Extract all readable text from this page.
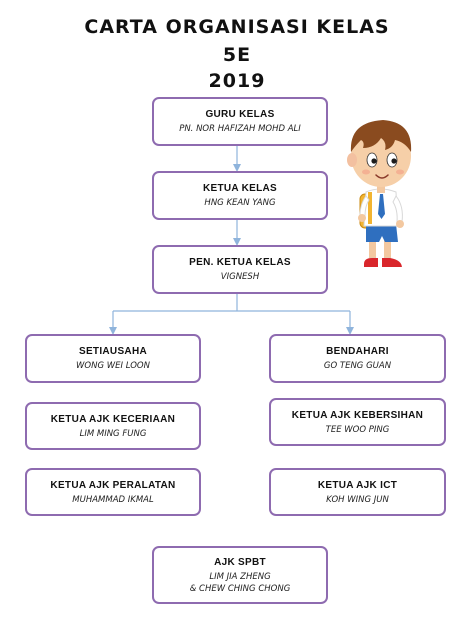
CARTA ORGANISASI KELAS
5E
2019
GURU KELAS
PN. NOR HAFIZAH MOHD ALI
KETUA KELAS
HNG KEAN YANG
PEN. KETUA KELAS
VIGNESH
SETIAUSAHA
WONG WEI LOON
BENDAHARI
GO TENG GUAN
KETUA AJK KECERIAAN
LIM MING FUNG
KETUA AJK KEBERSIHAN
TEE WOO PING
KETUA AJK PERALATAN
MUHAMMAD IKMAL
KETUA AJK ICT
KOH WING JUN
AJK SPBT
LIM JIA ZHENG
& CHEW CHING CHONG
